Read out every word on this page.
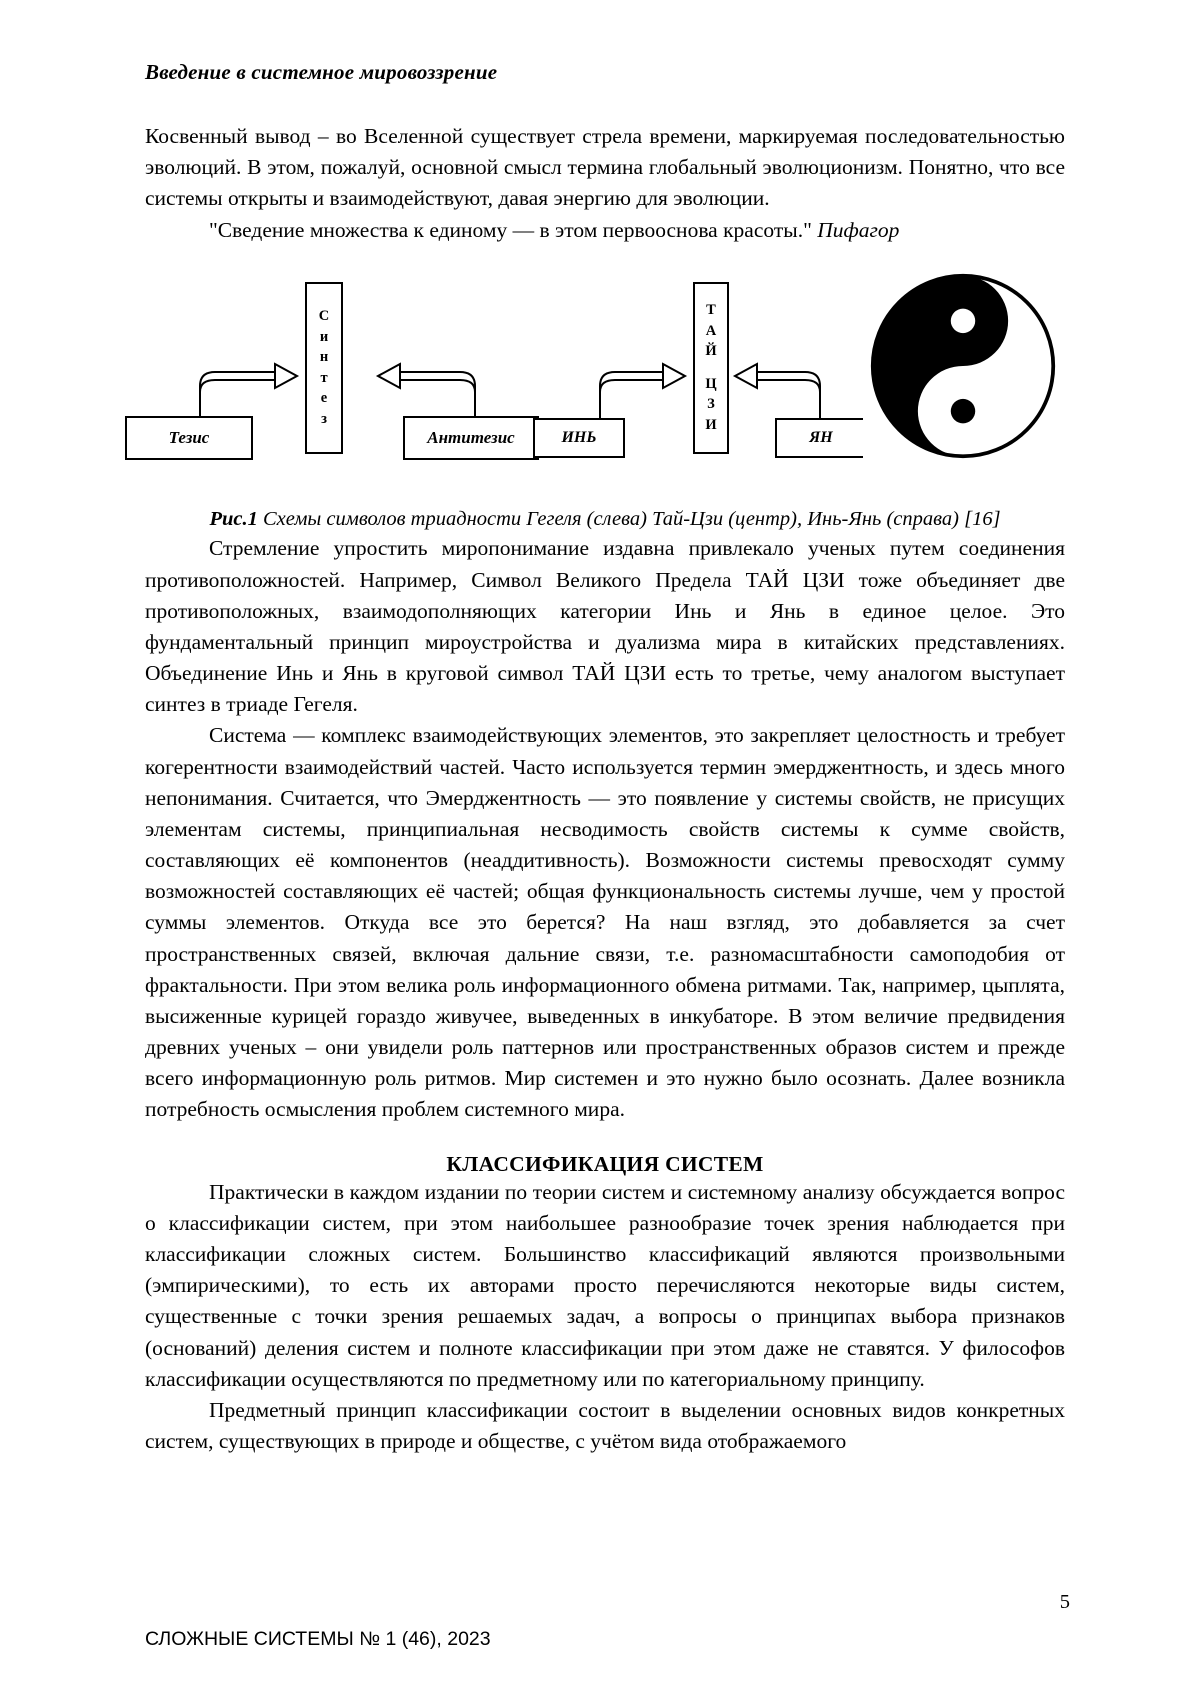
Введение в системное мировоззрение

Косвенный вывод – во Вселенной существует стрела времени, маркируемая последовательностью эволюций. В этом, пожалуй, основной смысл термина глобальный эволюционизм. Понятно, что все системы открыты и взаимодействуют, давая энергию для эволюции.

"Сведение множества к единому — в этом первооснова красоты." Пифагор
С
и
н
т
е
з
Тезис	Антитезис
Т
А
Й
Ц
З
И
ИНЬ	ЯН
Рис.1 Схемы символов триадности Гегеля (слева) Тай-Цзи (центр), Инь-Янь (справа) [16]

Стремление упростить миропонимание издавна привлекало ученых путем соединения противоположностей. Например, Символ Великого Предела ТАЙ ЦЗИ тоже объединяет две противоположных, взаимодополняющих категории Инь и Янь в единое целое. Это фундаментальный принцип мироустройства и дуализма мира в китайских представлениях. Объединение Инь и Янь в круговой символ ТАЙ ЦЗИ есть то третье, чему аналогом выступает синтез в триаде Гегеля.

Система — комплекс взаимодействующих элементов, это закрепляет целостность и требует когерентности взаимодействий частей. Часто используется термин эмерджентность, и здесь много непонимания. Считается, что Эмерджентность — это появление у системы свойств, не присущих элементам системы, принципиальная несводимость свойств системы к сумме свойств, составляющих её компонентов (неаддитивность). Возможности системы превосходят сумму возможностей составляющих её частей; общая функциональность системы лучше, чем у простой суммы элементов. Откуда все это берется? На наш взгляд, это добавляется за счет пространственных связей, включая дальние связи, т.е. разномасштабности самоподобия от фрактальности. При этом велика роль информационного обмена ритмами. Так, например, цыплята, высиженные курицей гораздо живучее, выведенных в инкубаторе. В этом величие предвидения древних ученых – они увидели роль паттернов или пространственных образов систем и прежде всего информационную роль ритмов. Мир системен и это нужно было осознать. Далее возникла потребность осмысления проблем системного мира.

КЛАССИФИКАЦИЯ СИСТЕМ

Практически в каждом издании по теории систем и системному анализу обсуждается вопрос о классификации систем, при этом наибольшее разнообразие точек зрения наблюдается при классификации сложных систем. Большинство классификаций являются произвольными (эмпирическими), то есть их авторами просто перечисляются некоторые виды систем, существенные с точки зрения решаемых задач, а вопросы о принципах выбора признаков (оснований) деления систем и полноте классификации при этом даже не ставятся. У философов классификации осуществляются по предметному или по категориальному принципу.

Предметный принцип классификации состоит в выделении основных видов конкретных систем, существующих в природе и обществе, с учётом вида отображаемого

5
СЛОЖНЫЕ СИСТЕМЫ № 1 (46), 2023
